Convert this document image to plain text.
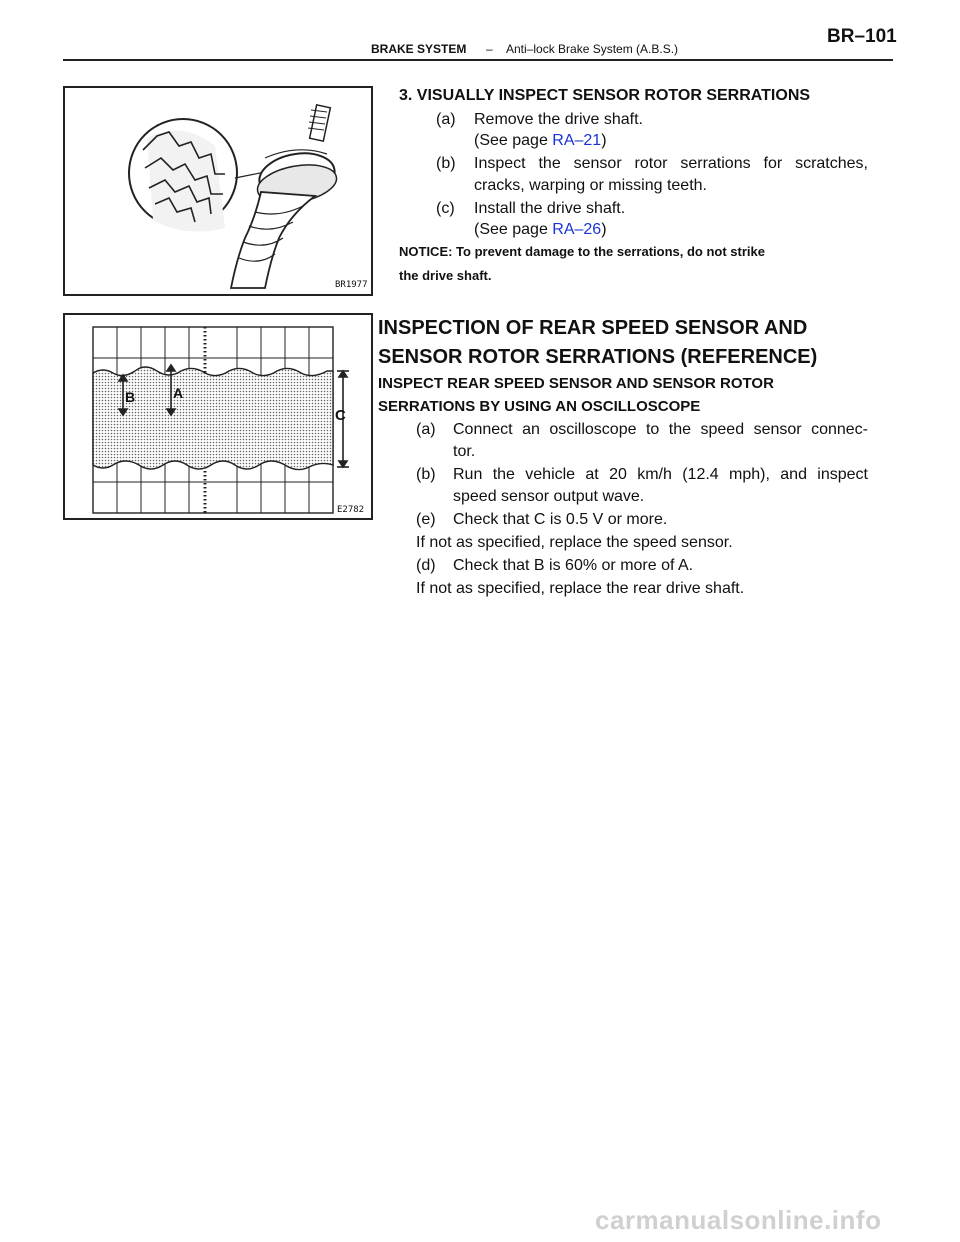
BRAKE SYSTEM – Anti–lock Brake System (A.B.S.)
BR–101
BR1977
3. VISUALLY INSPECT SENSOR ROTOR SERRATIONS
(a) Remove the drive shaft.
(See page RA–21)
(b) Inspect the sensor rotor serrations for scratches,
cracks, warping or missing teeth.
(c) Install the drive shaft.
(See page RA–26)
NOTICE: To prevent damage to the serrations, do not strike
the drive shaft.
B	A
C
E2782
INSPECTION OF REAR SPEED SENSOR AND
SENSOR ROTOR SERRATIONS (REFERENCE)
INSPECT REAR SPEED SENSOR AND SENSOR ROTOR
SERRATIONS BY USING AN OSCILLOSCOPE
(a) Connect an oscilloscope to the speed sensor connec-
tor.
(b) Run the vehicle at 20 km/h (12.4 mph), and inspect
speed sensor output wave.
(e) Check that C is 0.5 V or more.
If not as specified, replace the speed sensor.
(d) Check that B is 60% or more of A.
If not as specified, replace the rear drive shaft.
carmanualsonline.info
